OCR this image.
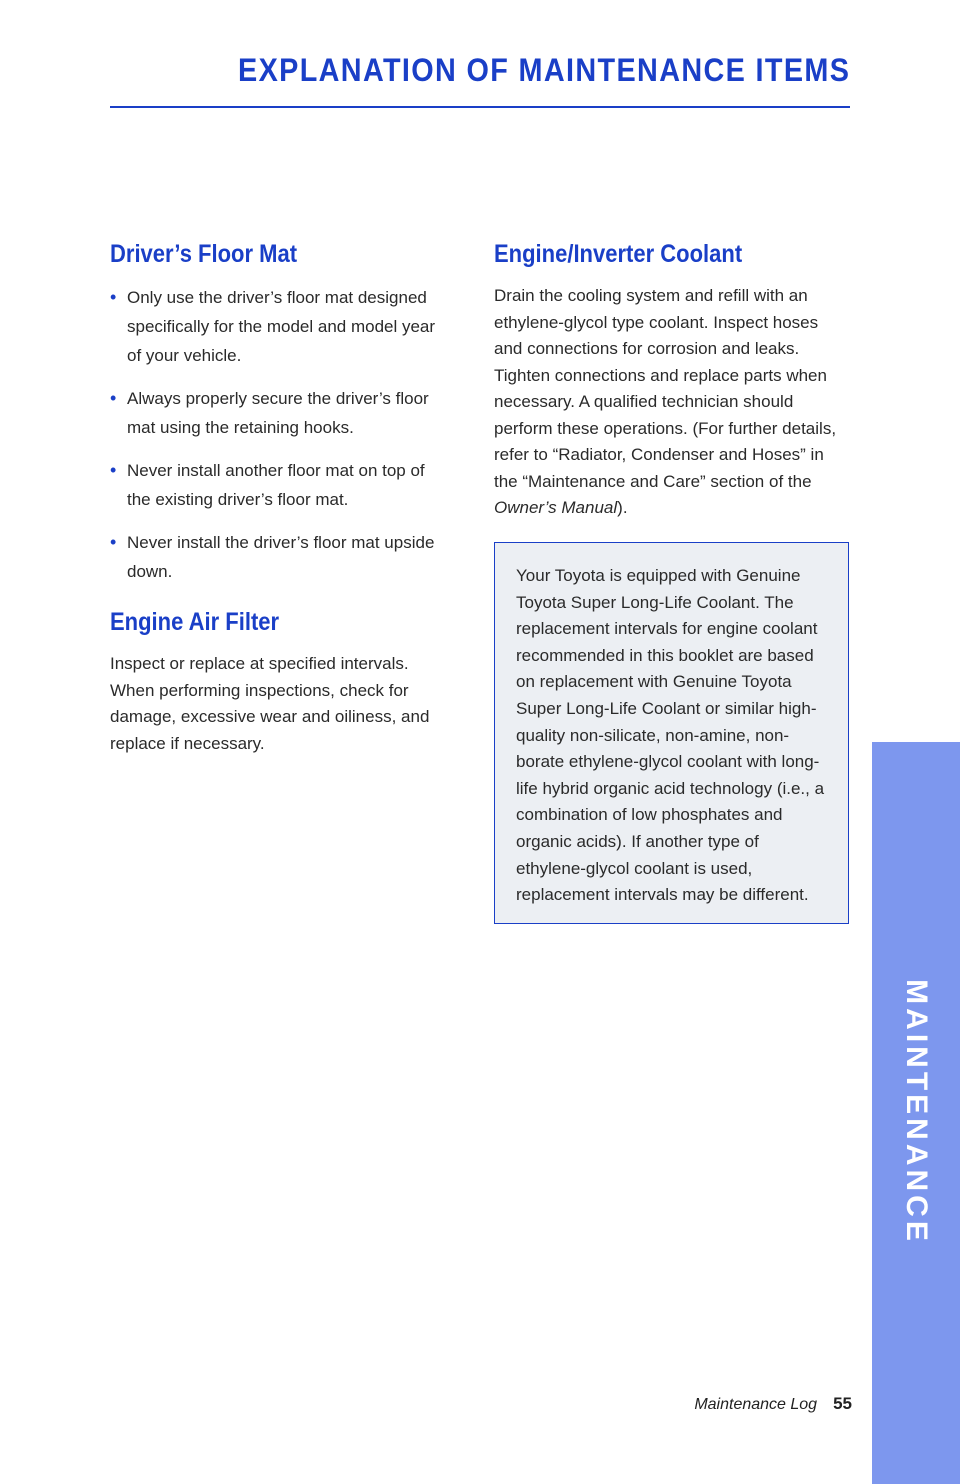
EXPLANATION OF MAINTENANCE ITEMS
Driver’s Floor Mat
• Only use the driver’s floor mat designed specifically for the model and model year of your vehicle.
• Always properly secure the driver’s floor mat using the retaining hooks.
• Never install another floor mat on top of the existing driver’s floor mat.
• Never install the driver’s floor mat upside down.
Engine Air Filter

Inspect or replace at specified intervals. When performing inspections, check for damage, excessive wear and oiliness, and replace if necessary.

Engine/Inverter Coolant

Drain the cooling system and refill with an ethylene-glycol type coolant. Inspect hoses and connections for corrosion and leaks. Tighten connections and replace parts when necessary. A qualified technician should perform these operations. (For further details, refer to “Radiator, Condenser and Hoses” in the “Maintenance and Care” section of the Owner’s Manual).

Your Toyota is equipped with Genuine Toyota Super Long-Life Coolant. The replacement intervals for engine coolant recommended in this booklet are based on replacement with Genuine Toyota Super Long-Life Coolant or similar high-quality non-silicate, non-amine, non-borate ethylene-glycol coolant with long-life hybrid organic acid technology (i.e., a combination of low phosphates and organic acids). If another type of ethylene-glycol coolant is used, replacement intervals may be different.

MAINTENANCE
Maintenance Log 55
